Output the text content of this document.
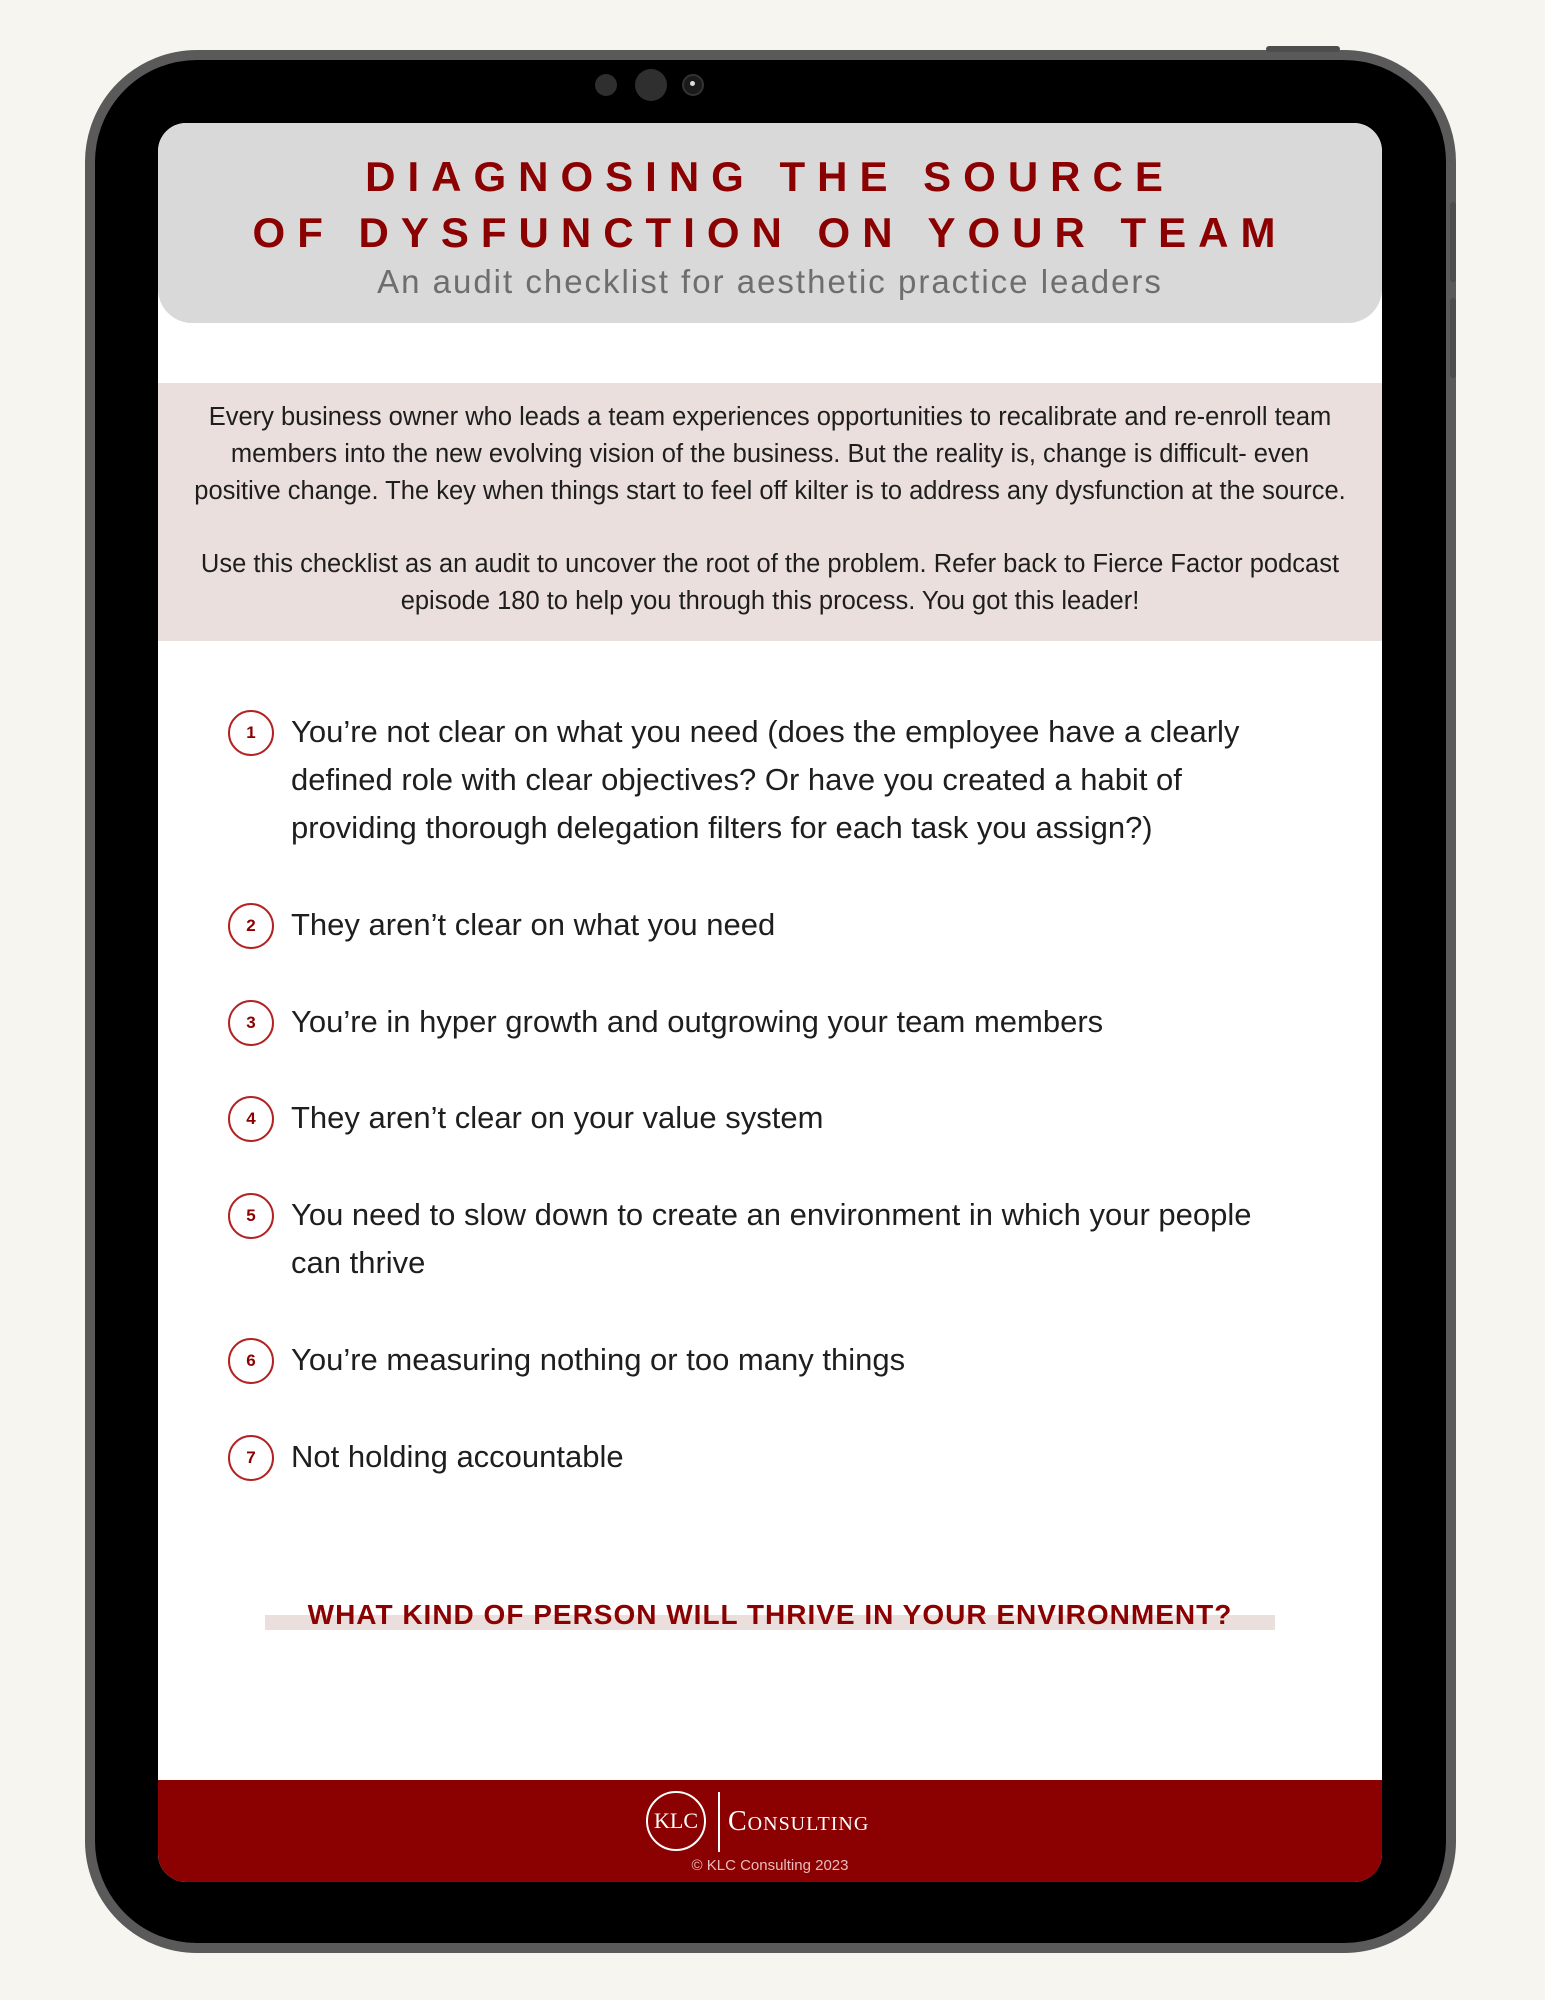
DIAGNOSING THE SOURCE
OF DYSFUNCTION ON YOUR TEAM
An audit checklist for aesthetic practice leaders

Every business owner who leads a team experiences opportunities to recalibrate and re-enroll team

members into the new evolving vision of the business. But the reality is, change is difficult- even

positive change. The key when things start to feel off kilter is to address any dysfunction at the source.

Use this checklist as an audit to uncover the root of the problem. Refer back to Fierce Factor podcast

episode 180 to help you through this process. You got this leader!

1	You’re not clear on what you need (does the employee have a clearly defined role with clear objectives? Or have you created a habit of providing thorough delegation filters for each task you assign?)
2	They aren’t clear on what you need
3	You’re in hyper growth and outgrowing your team members
4	They aren’t clear on your value system
5	You need to slow down to create an environment in which your people can thrive
6	You’re measuring nothing or too many things
7	Not holding accountable
WHAT KIND OF PERSON WILL THRIVE IN YOUR ENVIRONMENT?
KLC Consulting
© KLC Consulting 2023
